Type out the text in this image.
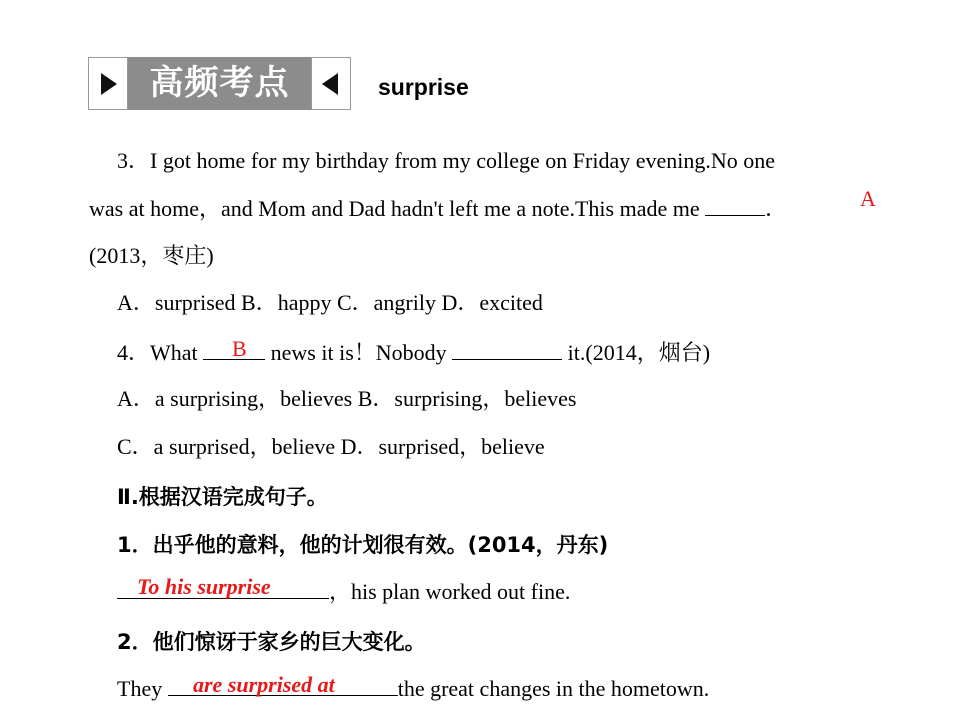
高频考点	surprise
3．I got home for my birthday from my college on Friday evening.No one
was at home，and Mom and Dad hadn't left me a note.This made me	．	A
(2013，枣庄)
A．surprised B．happy C．angrily D．excited
4．What	news it is！Nobody	it.(2014，烟台)
B
A．a surprising，believes B．surprising，believes
C．a surprised，believe D．surprised，believe
Ⅱ.根据汉语完成句子。
1．出乎他的意料，他的计划很有效。(2014，丹东)
，his plan worked out fine.
To his surprise
2．他们惊讶于家乡的巨大变化。
They	the great changes in the hometown.
are surprised at
